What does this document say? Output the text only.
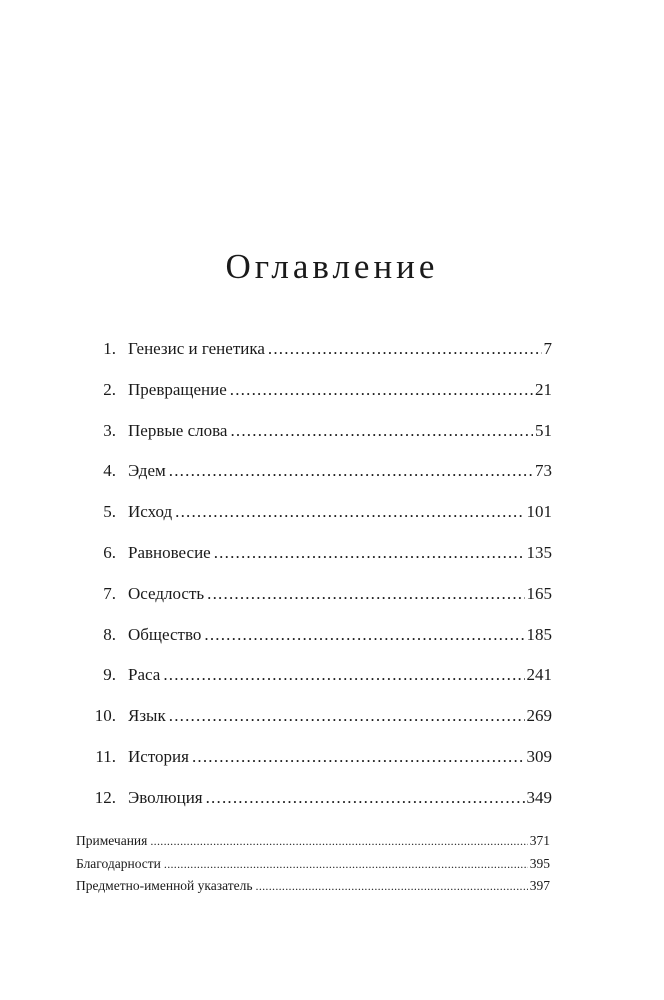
Оглавление
1. Генезис и генетика .....	7
2. Превращение .....	21
3. Первые слова .....	51
4. Эдем .....	73
5. Исход .....	101
6. Равновесие .....	135
7. Оседлость .....	165
8. Общество .....	185
9. Раса .....	241
10. Язык .....	269
11. История .....	309
12. Эволюция .....	349
Примечания .....	371
Благодарности .....	395
Предметно-именной указатель .....	397
